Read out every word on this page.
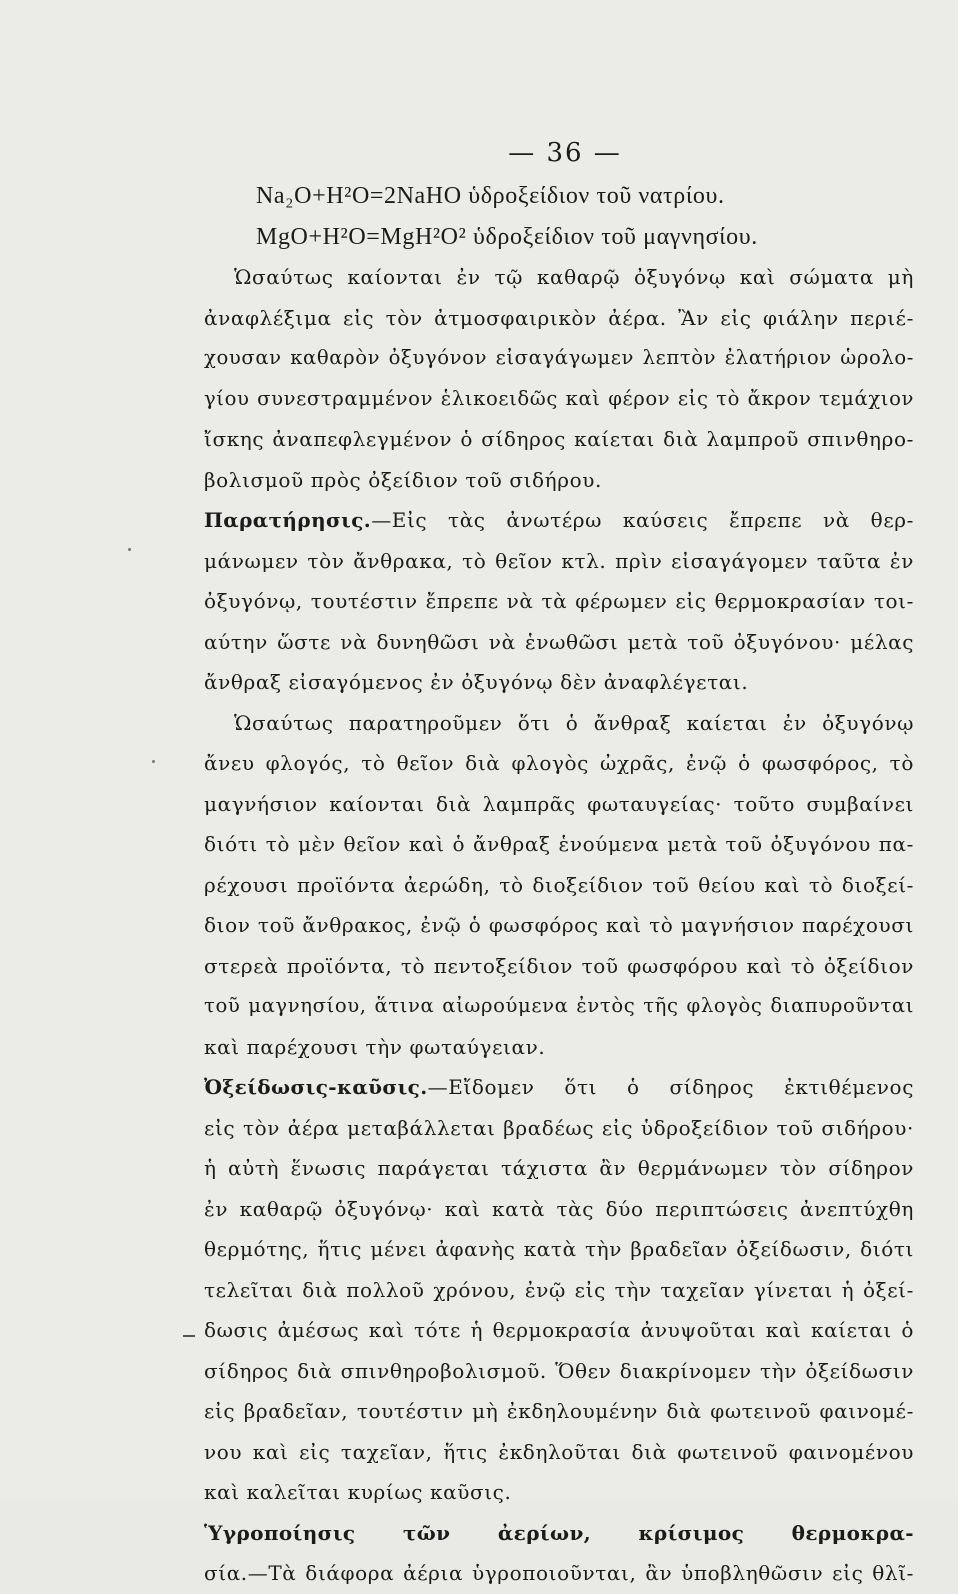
— 36 —
Na₂O+H²O=2NaHO ὑδροξείδιον τοῦ νατρίου.
MgO+H²O=MgH²O² ὑδροξείδιον τοῦ μαγνησίου.
Ὡσαύτως καίονται ἐν τῷ καθαρῷ ὀξυγόνῳ καὶ σώματα μὴ
ἀναφλέξιμα εἰς τὸν ἀτμοσφαιρικὸν ἀέρα. Ἂν εἰς φιάλην περιέ-
χουσαν καθαρὸν ὀξυγόνον εἰσαγάγωμεν λεπτὸν ἐλατήριον ὡρολο-
γίου συνεστραμμένον ἑλικοειδῶς καὶ φέρον εἰς τὸ ἄκρον τεμάχιον
ἴσκης ἀναπεφλεγμένον ὁ σίδηρος καίεται διὰ λαμπροῦ σπινθηρο-
βολισμοῦ πρὸς ὀξείδιον τοῦ σιδήρου.
Παρατήρησις.—Εἰς τὰς ἀνωτέρω καύσεις ἔπρεπε νὰ θερ-
μάνωμεν τὸν ἄνθρακα, τὸ θεῖον κτλ. πρὶν εἰσαγάγομεν ταῦτα ἐν
ὀξυγόνῳ, τουτέστιν ἔπρεπε νὰ τὰ φέρωμεν εἰς θερμοκρασίαν τοι-
αύτην ὥστε νὰ δυνηθῶσι νὰ ἑνωθῶσι μετὰ τοῦ ὀξυγόνου· μέλας
ἄνθραξ εἰσαγόμενος ἐν ὀξυγόνῳ δὲν ἀναφλέγεται.
Ὡσαύτως παρατηροῦμεν ὅτι ὁ ἄνθραξ καίεται ἐν ὀξυγόνῳ
ἄνευ φλογός, τὸ θεῖον διὰ φλογὸς ὠχρᾶς, ἐνῷ ὁ φωσφόρος, τὸ
μαγνήσιον καίονται διὰ λαμπρᾶς φωταυγείας· τοῦτο συμβαίνει
διότι τὸ μὲν θεῖον καὶ ὁ ἄνθραξ ἑνούμενα μετὰ τοῦ ὀξυγόνου πα-
ρέχουσι προϊόντα ἀερώδη, τὸ διοξείδιον τοῦ θείου καὶ τὸ διοξεί-
διον τοῦ ἄνθρακος, ἐνῷ ὁ φωσφόρος καὶ τὸ μαγνήσιον παρέχουσι
στερεὰ προϊόντα, τὸ πεντοξείδιον τοῦ φωσφόρου καὶ τὸ ὀξείδιον
τοῦ μαγνησίου, ἅτινα αἰωρούμενα ἐντὸς τῆς φλογὸς διαπυροῦνται
καὶ παρέχουσι τὴν φωταύγειαν.
Ὀξείδωσις-καῦσις.—Εἴδομεν ὅτι ὁ σίδηρος ἐκτιθέμενος
εἰς τὸν ἀέρα μεταβάλλεται βραδέως εἰς ὑδροξείδιον τοῦ σιδήρου·
ἡ αὐτὴ ἕνωσις παράγεται τάχιστα ἂν θερμάνωμεν τὸν σίδηρον
ἐν καθαρῷ ὀξυγόνῳ· καὶ κατὰ τὰς δύο περιπτώσεις ἀνεπτύχθη
θερμότης, ἥτις μένει ἀφανὴς κατὰ τὴν βραδεῖαν ὀξείδωσιν, διότι
τελεῖται διὰ πολλοῦ χρόνου, ἐνῷ εἰς τὴν ταχεῖαν γίνεται ἡ ὀξεί-
δωσις ἀμέσως καὶ τότε ἡ θερμοκρασία ἀνυψοῦται καὶ καίεται ὁ
σίδηρος διὰ σπινθηροβολισμοῦ. Ὅθεν διακρίνομεν τὴν ὀξείδωσιν
εἰς βραδεῖαν, τουτέστιν μὴ ἐκδηλουμένην διὰ φωτεινοῦ φαινομέ-
νου καὶ εἰς ταχεῖαν, ἥτις ἐκδηλοῦται διὰ φωτεινοῦ φαινομένου
καὶ καλεῖται κυρίως καῦσις.
Ὑγροποίησις τῶν ἀερίων, κρίσιμος θερμοκρα-
σία.—Τὰ διάφορα ἀέρια ὑγροποιοῦνται, ἂν ὑποβληθῶσιν εἰς θλῖ-
